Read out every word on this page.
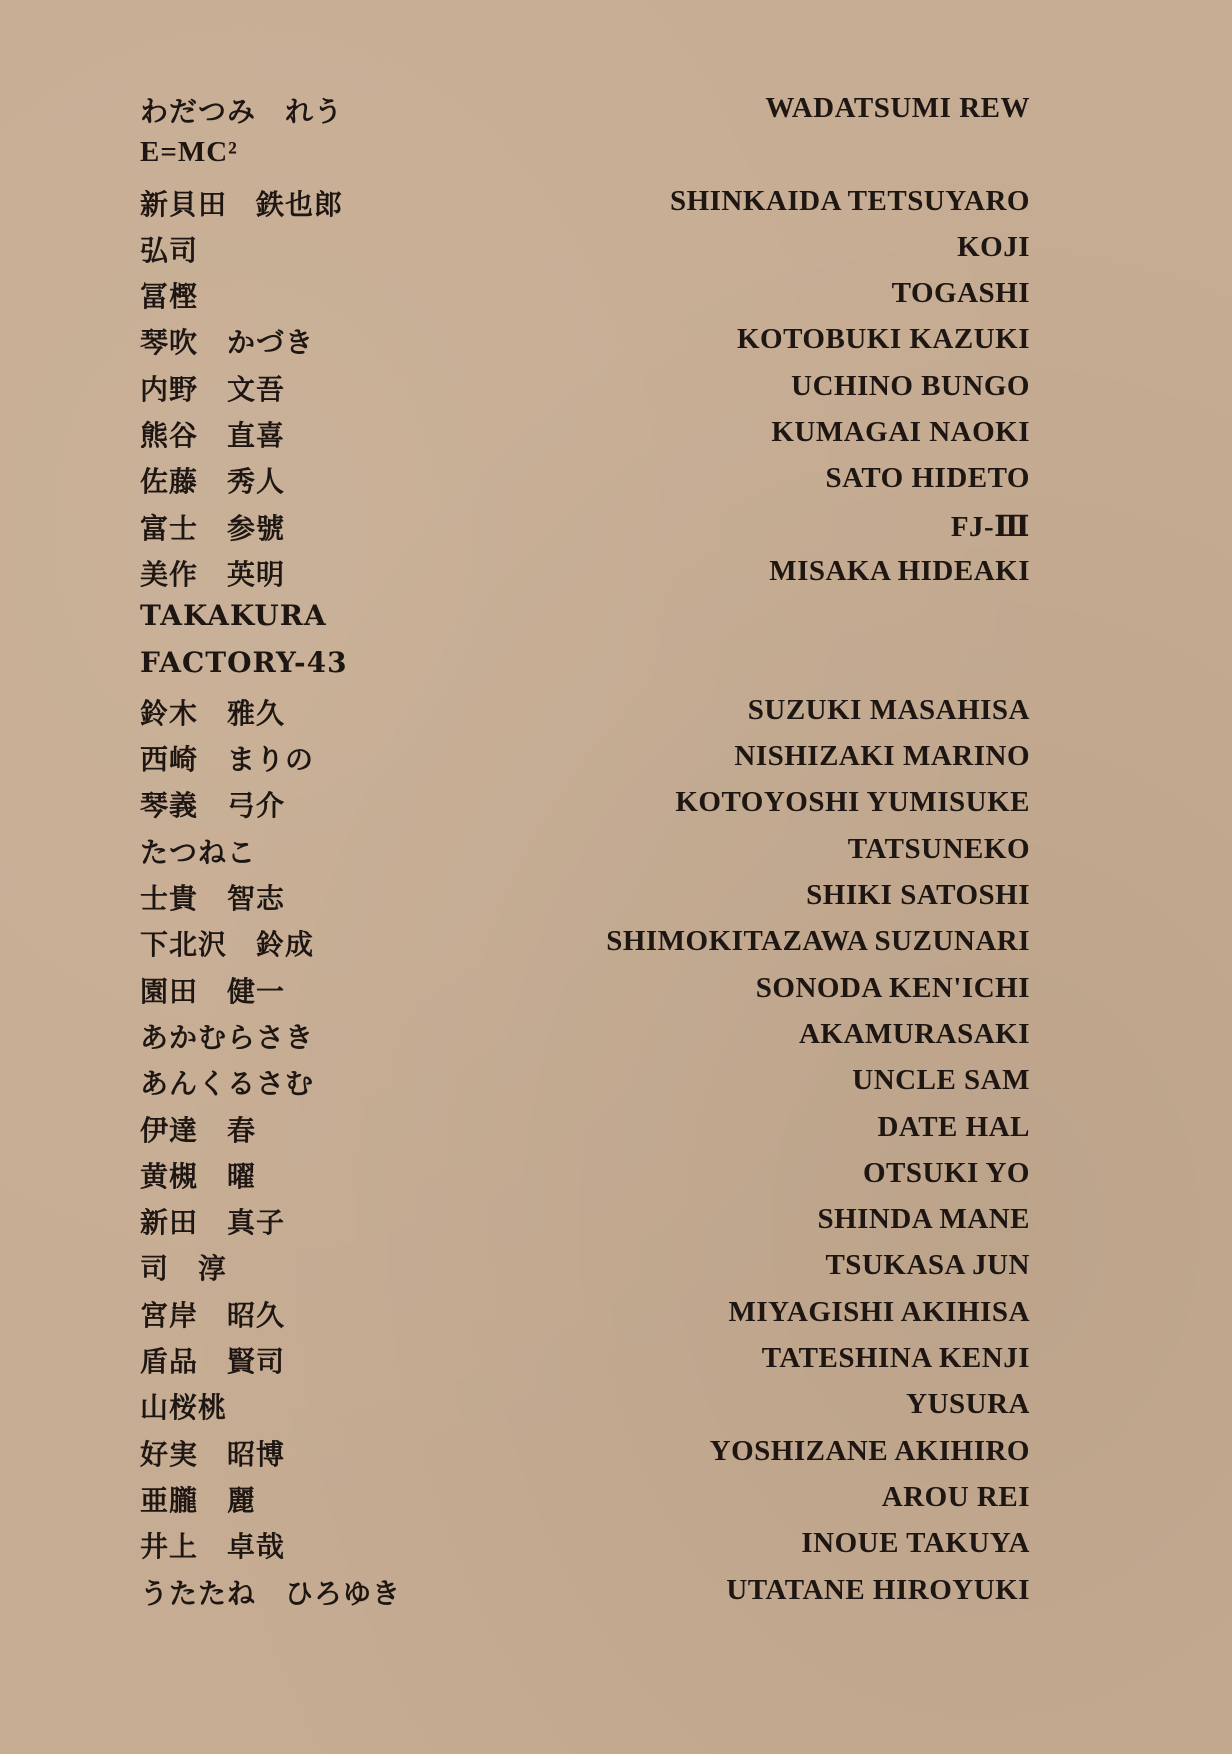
わだつみ　れう	WADATSUMI REW
E=MC²
新貝田　鉄也郎	SHINKAIDA TETSUYARO
弘司	KOJI
冨樫	TOGASHI
琴吹　かづき	KOTOBUKI KAZUKI
内野　文吾	UCHINO BUNGO
熊谷　直喜	KUMAGAI NAOKI
佐藤　秀人	SATO HIDETO
富士　参號	FJ-Ⅲ
美作　英明	MISAKA HIDEAKI
TAKAKURA
FACTORY-43
鈴木　雅久	SUZUKI MASAHISA
西崎　まりの	NISHIZAKI MARINO
琴義　弓介	KOTOYOSHI YUMISUKE
たつねこ	TATSUNEKO
士貴　智志	SHIKI SATOSHI
下北沢　鈴成	SHIMOKITAZAWA SUZUNARI
園田　健一	SONODA KEN'ICHI
あかむらさき	AKAMURASAKI
あんくるさむ	UNCLE SAM
伊達　春	DATE HAL
黄槻　曜	OTSUKI YO
新田　真子	SHINDA MANE
司　淳	TSUKASA JUN
宮岸　昭久	MIYAGISHI AKIHISA
盾品　賢司	TATESHINA KENJI
山桜桃	YUSURA
好実　昭博	YOSHIZANE AKIHIRO
亜朧　麗	AROU REI
井上　卓哉	INOUE TAKUYA
うたたね　ひろゆき	UTATANE HIROYUKI
